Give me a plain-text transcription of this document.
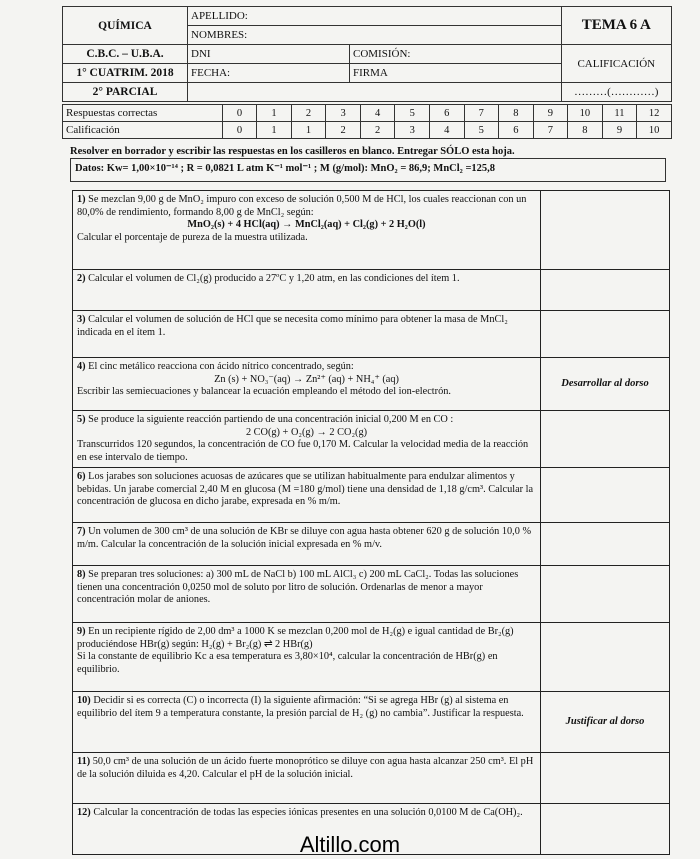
QUÍMICA	APELLIDO:		TEMA 6 A
	NOMBRES:		
C.B.C. – U.B.A.	DNI	COMISIÓN:	CALIFICACIÓN
1° CUATRIM. 2018	FECHA:	FIRMA	
2° PARCIAL			………(…………)
Respuestas correctas	0	1	2	3	4	5	6	7	8	9	10	11	12
Calificación	0	1	1	2	2	3	4	5	6	7	8	9	10
Resolver en borrador y escribir las respuestas en los casilleros en blanco. Entregar SÓLO esta hoja.
Datos: Kw= 1,00×10⁻¹⁴ ; R = 0,0821 L atm K⁻¹ mol⁻¹ ; M (g/mol): MnO₂ = 86,9; MnCl₂ =125,8
1) Se mezclan 9,00 g de MnO₂ impuro con exceso de solución 0,500 M de HCl, los cuales reaccionan con un 80,0% de rendimiento, formando 8,00 g de MnCl₂ según:
MnO₂(s) + 4 HCl(aq) → MnCl₂(aq) + Cl₂(g) + 2 H₂O(l)
Calcular el porcentaje de pureza de la muestra utilizada.	

2) Calcular el volumen de Cl₂(g) producido a 27ºC y 1,20 atm, en las condiciones del ítem 1.	
3) Calcular el volumen de solución de HCl que se necesita como mínimo para obtener la masa de MnCl₂ indicada en el ítem 1.	
4) El cinc metálico reacciona con ácido nítrico concentrado, según:
Zn (s) + NO₃⁻(aq) → Zn²⁺ (aq) + NH₄⁺ (aq)
Escribir las semiecuaciones y balancear la ecuación empleando el método del ion-electrón.	Desarrollar al dorso
5) Se produce la siguiente reacción partiendo de una concentración inicial 0,200 M en CO :
2 CO(g) + O₂(g) → 2 CO₂(g)
Transcurridos 120 segundos, la concentración de CO fue 0,170 M. Calcular la velocidad media de la reacción en ese intervalo de tiempo.	

6) Los jarabes son soluciones acuosas de azúcares que se utilizan habitualmente para endulzar alimentos y bebidas. Un jarabe comercial 2,40 M en glucosa (M =180 g/mol) tiene una densidad de 1,18 g/cm³. Calcular la concentración de glucosa en dicho jarabe, expresada en % m/m.	
7) Un volumen de 300 cm³ de una solución de KBr se diluye con agua hasta obtener 620 g de solución 10,0 % m/m. Calcular la concentración de la solución inicial expresada en % m/v.	
8) Se preparan tres soluciones: a) 300 mL de NaCl b) 100 mL AlCl₃ c) 200 mL CaCl₂. Todas las soluciones tienen una concentración 0,0250 mol de soluto por litro de solución. Ordenarlas de menor a mayor concentración molar de aniones.	
9) En un recipiente rígido de 2,00 dm³ a 1000 K se mezclan 0,200 mol de H₂(g) e igual cantidad de Br₂(g) produciéndose HBr(g) según: H₂(g) + Br₂(g) ⇌ 2 HBr(g)
Si la constante de equilibrio Kc a esa temperatura es 3,80×10⁴, calcular la concentración de HBr(g) en equilibrio.	

10) Decidir si es correcta (C) o incorrecta (I) la siguiente afirmación: “Si se agrega HBr (g) al sistema en equilibrio del ítem 9 a temperatura constante, la presión parcial de H₂ (g) no cambia”. Justificar la respuesta.	Justificar al dorso
11) 50,0 cm³ de una solución de un ácido fuerte monoprótico se diluye con agua hasta alcanzar 250 cm³. El pH de la solución diluida es 4,20. Calcular el pH de la solución inicial.	
12) Calcular la concentración de todas las especies iónicas presentes en una solución 0,0100 M de Ca(OH)₂.	
Altillo.com
